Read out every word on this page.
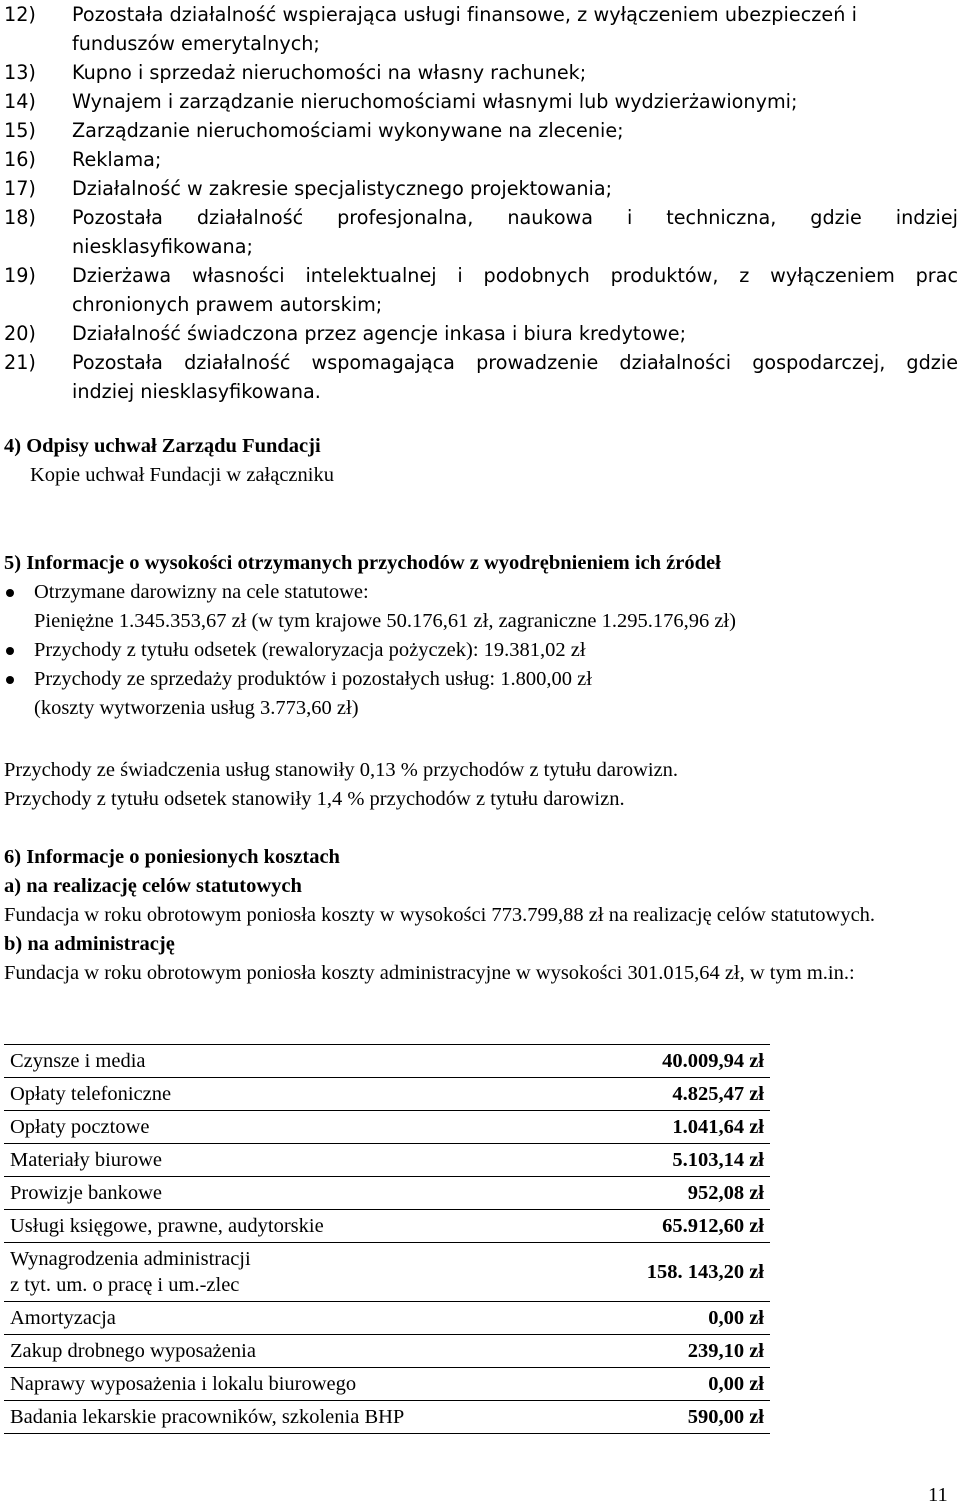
12)	Pozostała działalność wspierająca usługi finansowe, z wyłączeniem ubezpieczeń i
funduszów emerytalnych;
13)	Kupno i sprzedaż nieruchomości na własny rachunek;
14)	Wynajem i zarządzanie nieruchomościami własnymi lub wydzierżawionymi;
15)	Zarządzanie nieruchomościami wykonywane na zlecenie;
16)	Reklama;
17)	Działalność w zakresie specjalistycznego projektowania;
18)	Pozostała działalność profesjonalna, naukowa i techniczna, gdzie indziej
niesklasyfikowana;
19)	Dzierżawa własności intelektualnej i podobnych produktów, z wyłączeniem prac
chronionych prawem autorskim;
20)	Działalność świadczona przez agencje inkasa i biura kredytowe;
21)	Pozostała działalność wspomagająca prowadzenie działalności gospodarczej, gdzie
indziej niesklasyfikowana.
4) Odpisy uchwał Zarządu Fundacji
Kopie uchwał Fundacji w załączniku
5) Informacje o wysokości otrzymanych przychodów z wyodrębnieniem ich źródeł
Otrzymane darowizny na cele statutowe:
Pieniężne 1.345.353,67 zł (w tym krajowe 50.176,61 zł, zagraniczne 1.295.176,96 zł)
Przychody z tytułu odsetek (rewaloryzacja pożyczek): 19.381,02 zł
Przychody ze sprzedaży produktów i pozostałych usług: 1.800,00 zł
(koszty wytworzenia usług 3.773,60 zł)
Przychody ze świadczenia usług stanowiły 0,13 % przychodów z tytułu darowizn.
Przychody z tytułu odsetek stanowiły 1,4 % przychodów z tytułu darowizn.
6) Informacje o poniesionych kosztach
a) na realizację celów statutowych
Fundacja w roku obrotowym poniosła koszty w wysokości 773.799,88 zł na realizację celów statutowych.
b) na administrację
Fundacja w roku obrotowym poniosła koszty administracyjne w wysokości 301.015,64 zł, w tym m.in.:
Czynsze i media	40.009,94 zł
Opłaty telefoniczne	4.825,47 zł
Opłaty pocztowe	1.041,64 zł
Materiały biurowe	5.103,14 zł
Prowizje bankowe	952,08 zł
Usługi księgowe, prawne, audytorskie	65.912,60 zł

Wynagrodzenia administracji
z tyt. um. o pracę i um.-zlec	158. 143,20 zł
Amortyzacja	0,00 zł
Zakup drobnego wyposażenia	239,10 zł
Naprawy wyposażenia i lokalu biurowego	0,00 zł
Badania lekarskie pracowników, szkolenia BHP	590,00 zł
11
